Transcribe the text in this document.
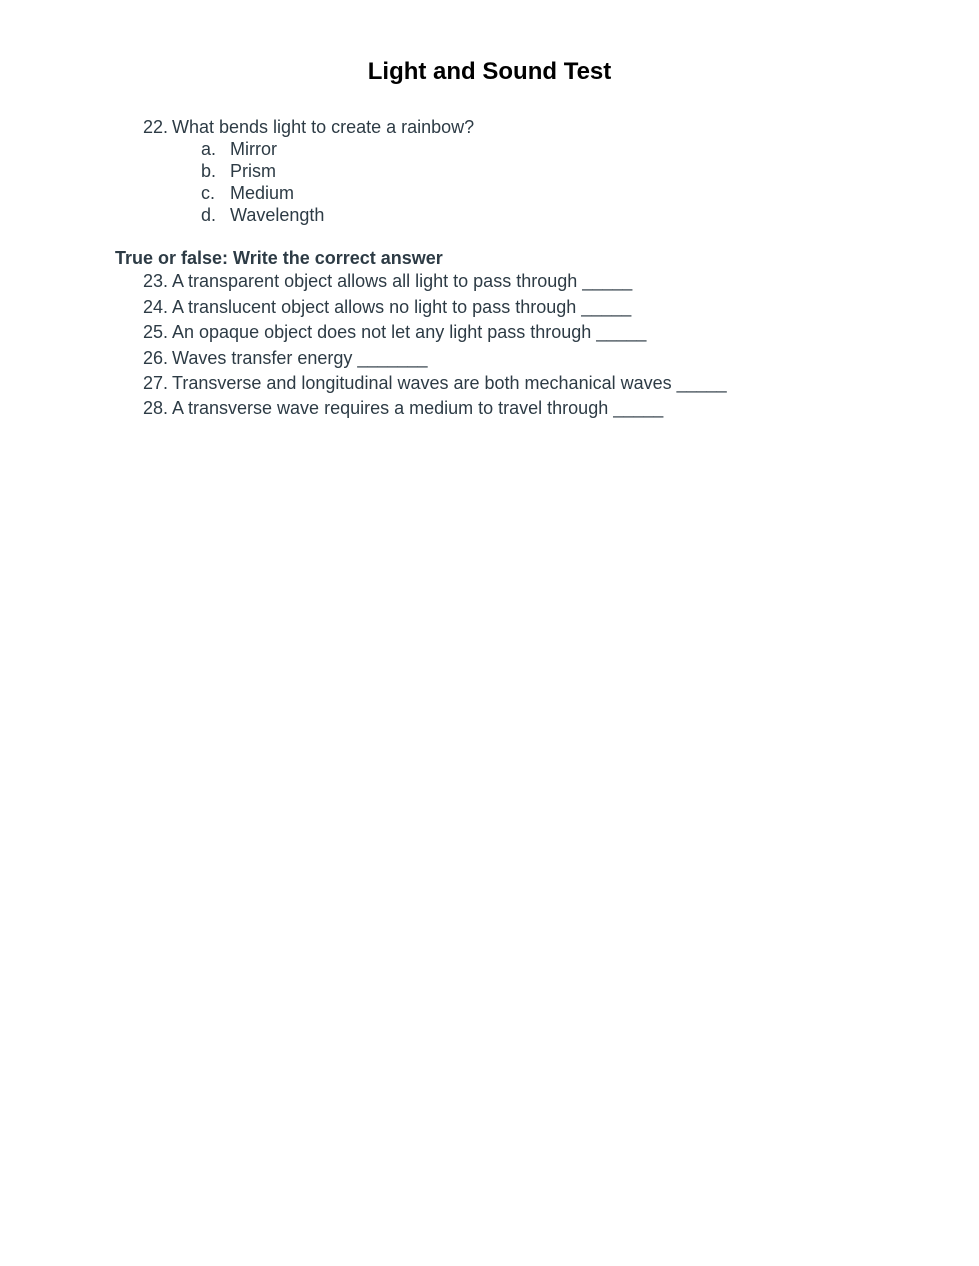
Light and Sound Test
22. What bends light to create a rainbow?
a. Mirror
b. Prism
c. Medium
d. Wavelength
True or false: Write the correct answer
23. A transparent object allows all light to pass through _____
24. A translucent object allows no light to pass through _____
25. An opaque object does not let any light pass through _____
26. Waves transfer energy _______
27. Transverse and longitudinal waves are both mechanical waves _____
28. A transverse wave requires a medium to travel through _____
